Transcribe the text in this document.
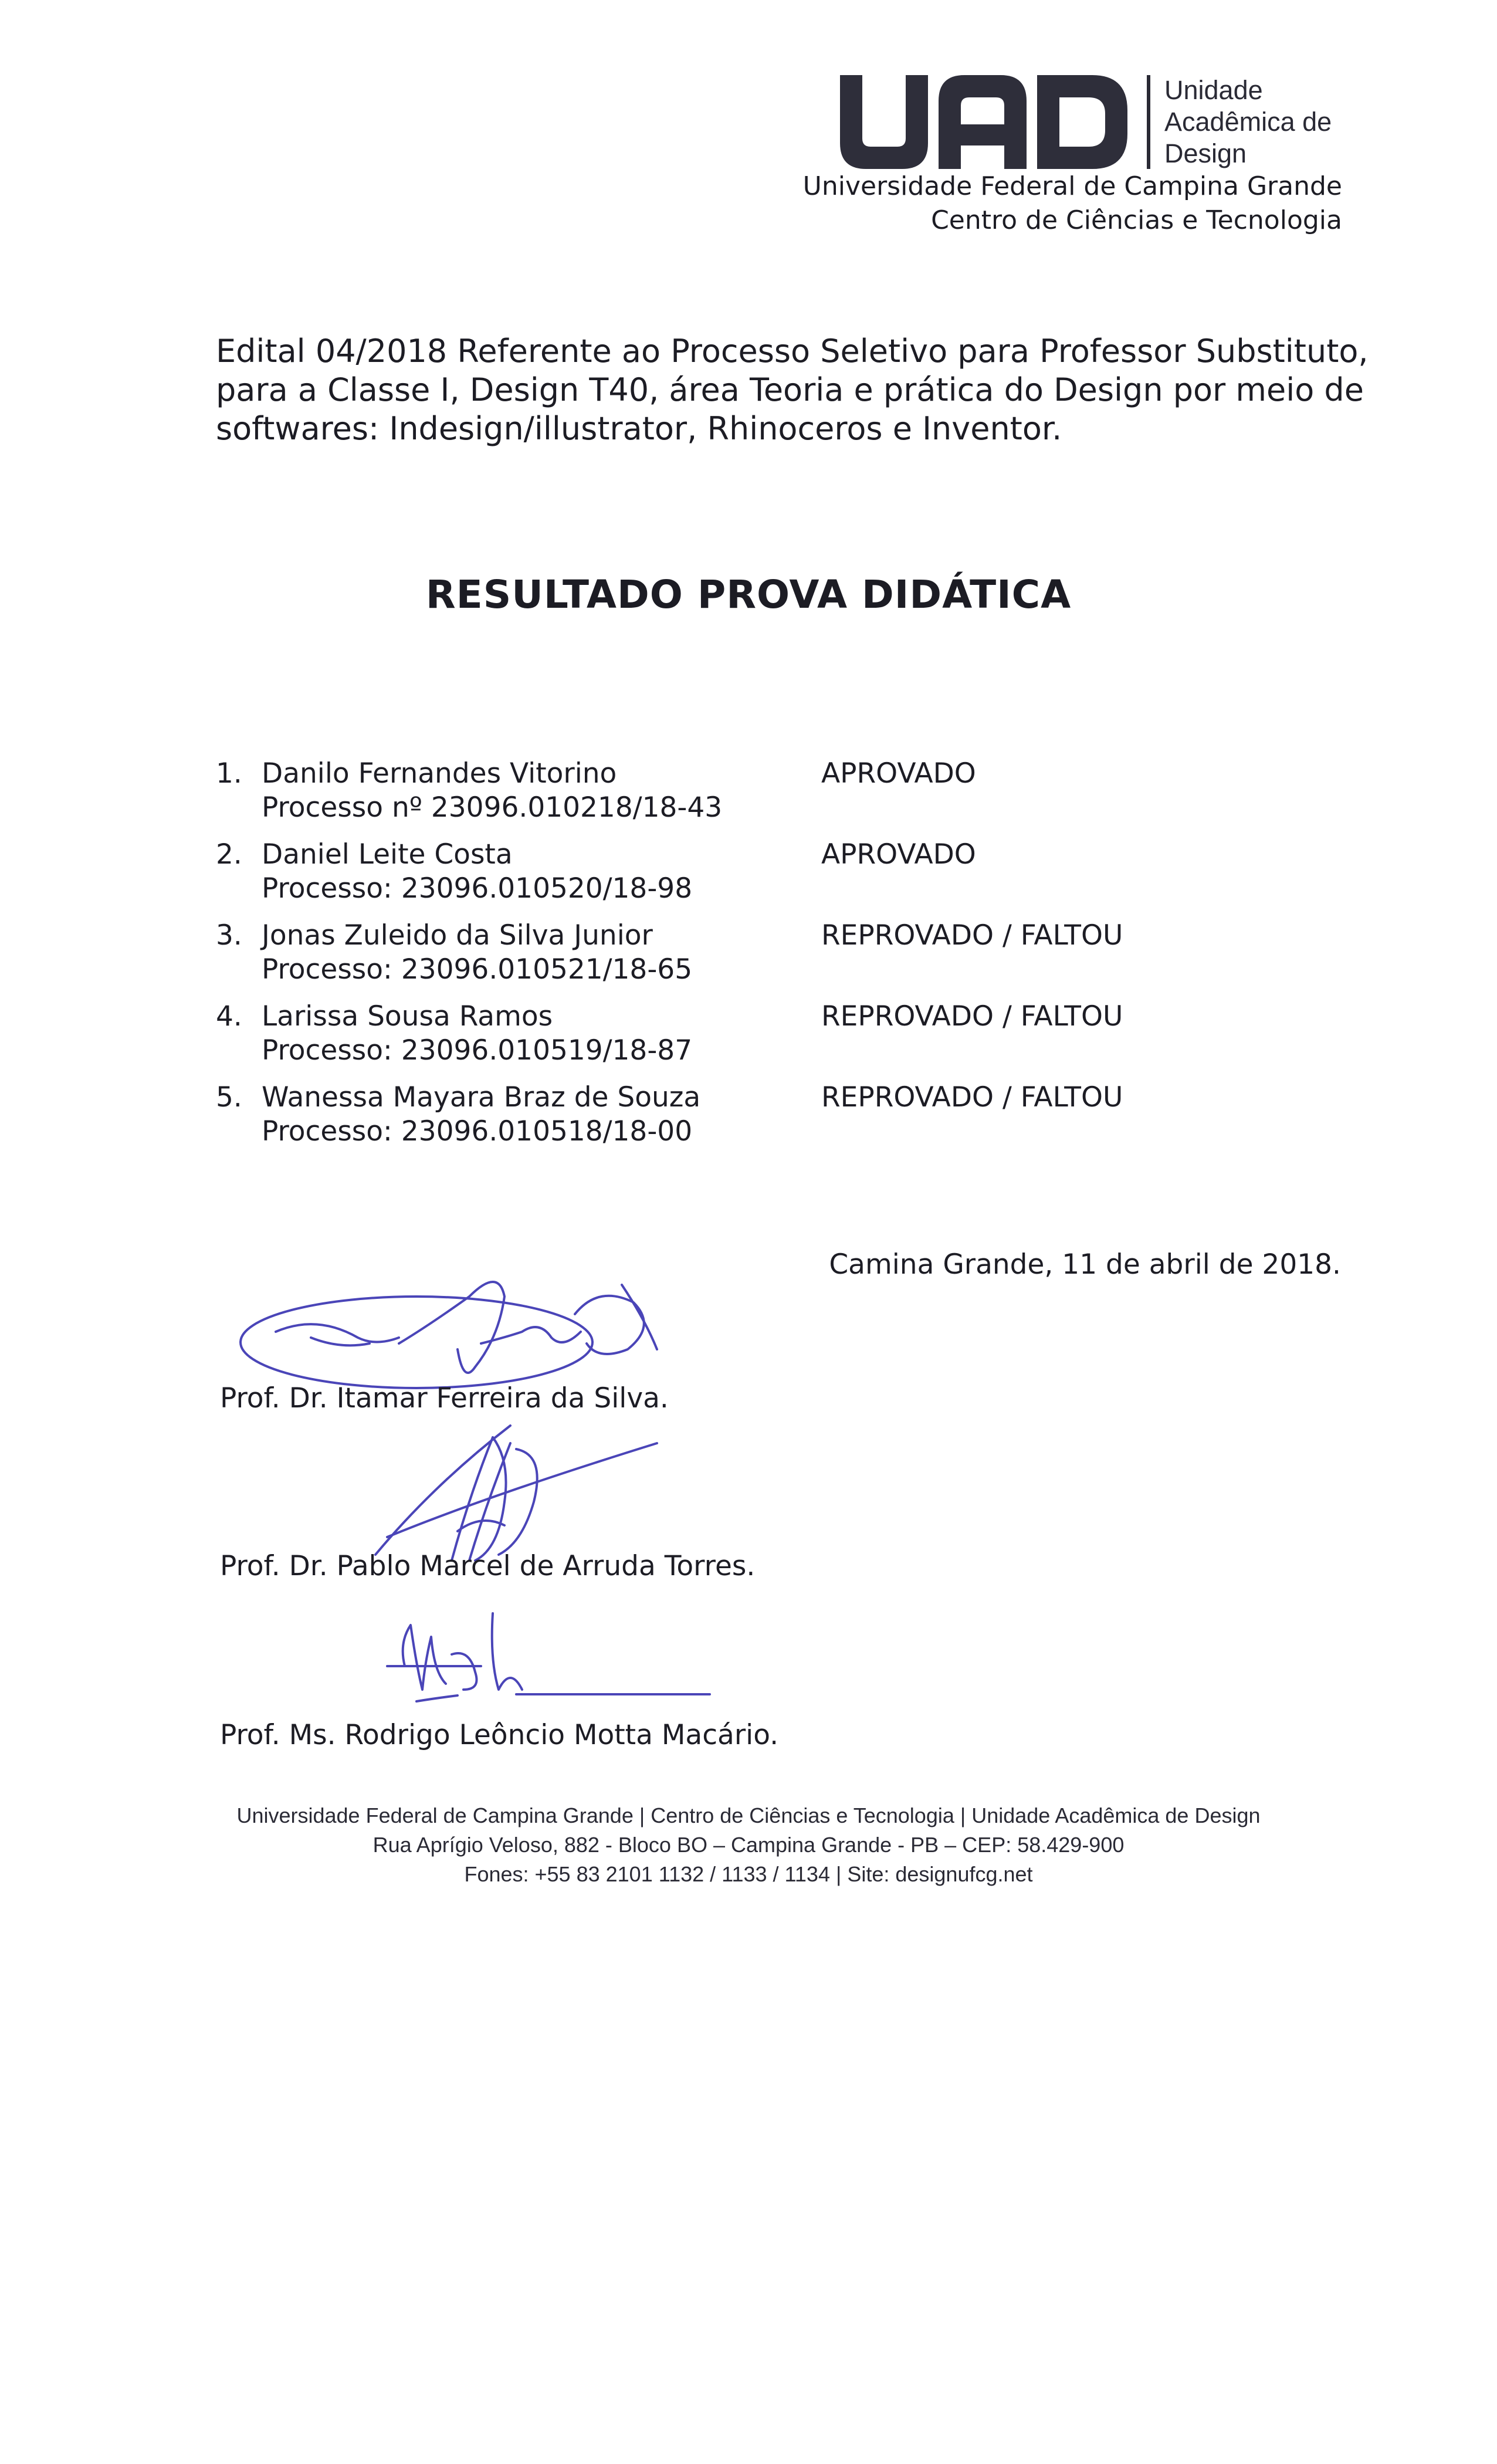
Unidade
Acadêmica de
Design
Universidade Federal de Campina Grande
Centro de Ciências e Tecnologia
Edital 04/2018 Referente ao Processo Seletivo para Professor Substituto,
para a Classe I, Design T40, área Teoria e prática do Design por meio de
softwares: Indesign/illustrator, Rhinoceros e Inventor.
RESULTADO PROVA DIDÁTICA
1. Danilo Fernandes Vitorino
Processo nº 23096.010218/18-43
APROVADO
2. Daniel Leite Costa
Processo: 23096.010520/18-98
APROVADO
3. Jonas Zuleido da Silva Junior
Processo: 23096.010521/18-65
REPROVADO / FALTOU
4. Larissa Sousa Ramos
Processo: 23096.010519/18-87
REPROVADO / FALTOU
5. Wanessa Mayara Braz de Souza
Processo: 23096.010518/18-00
REPROVADO / FALTOU
Camina Grande, 11 de abril de 2018.
Prof. Dr. Itamar Ferreira da Silva.
Prof. Dr. Pablo Marcel de Arruda Torres.
Prof. Ms. Rodrigo Leôncio Motta Macário.
Universidade Federal de Campina Grande | Centro de Ciências e Tecnologia | Unidade Acadêmica de Design
Rua Aprígio Veloso, 882 - Bloco BO – Campina Grande - PB – CEP: 58.429-900
Fones: +55 83 2101 1132 / 1133 / 1134 | Site: designufcg.net
